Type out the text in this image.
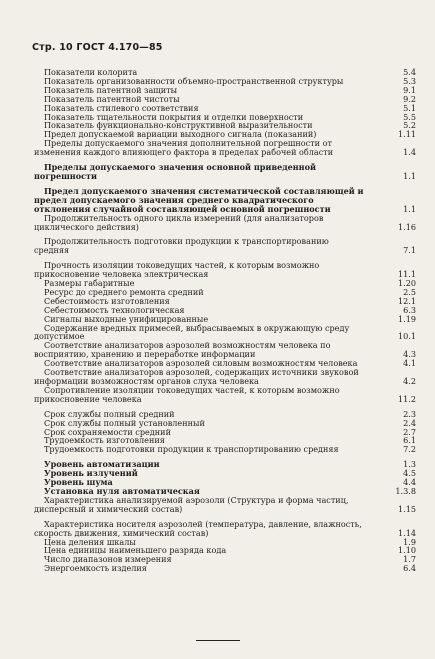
Стр. 10 ГОСТ 4.170—85
Показатели колорита	5.4
Показатель организованности объемно-пространственной структуры	5.3
Показатель патентной защиты	9.1
Показатель патентной чистоты	9.2
Показатель стилевого соответствия	5.1
Показатель тщательности покрытия и отделки поверхности	5.5
Показатель функционально-конструктивной выразительности	5.2
Предел допускаемой вариации выходного сигнала (показаний)	1.11
Пределы допускаемого значения дополнительной погрешности от изменения каждого влияющего фактора в пределах рабочей области	1.4
Пределы допускаемого значения основной приведенной погрешности	1.1
Предел допускаемого значения систематической составляющей и предел допускаемого значения среднего квадратического отклонения случайной составляющей основной погрешности	1.1
Продолжительность одного цикла измерений (для анализаторов циклического действия)	1.16
Продолжительность подготовки продукции к транспортированию средняя	7.1
Прочность изоляции токоведущих частей, к которым возможно прикосновение человека электрическая	11.1
Размеры габаритные	1.20
Ресурс до среднего ремонта средний	2.5
Себестоимость изготовления	12.1
Себестоимость технологическая	6.3
Сигналы выходные унифицированные	1.19
Содержание вредных примесей, выбрасываемых в окружающую среду допустимое	10.1
Соответствие анализаторов аэрозолей возможностям человека по восприятию, хранению и переработке информации	4.3
Соответствие анализаторов аэрозолей силовым возможностям человека	4.1
Соответствие анализаторов аэрозолей, содержащих источники звуковой информации возможностям органов слуха человека	4.2
Сопротивление изоляции токоведущих частей, к которым возможно прикосновение человека	11.2
Срок службы полный средний	2.3
Срок службы полный установленный	2.4
Срок сохраняемости средний	2.7
Трудоемкость изготовления	6.1
Трудоемкость подготовки продукции к транспортированию средняя	7.2
Уровень автоматизации	1.3
Уровень излучений	4.5
Уровень шума	4.4
Установка нуля автоматическая	1.3.8
Характеристика анализируемой аэрозоли (Структура и форма частиц, дисперсный и химический состав)	1.15
Характеристика носителя аэрозолей (температура, давление, влажность, скорость движения, химический состав)	1.14
Цена деления шкалы	1.9
Цена единицы наименьшего разряда кода	1.10
Число диапазонов измерения	1.7
Энергоемкость изделия	6.4
